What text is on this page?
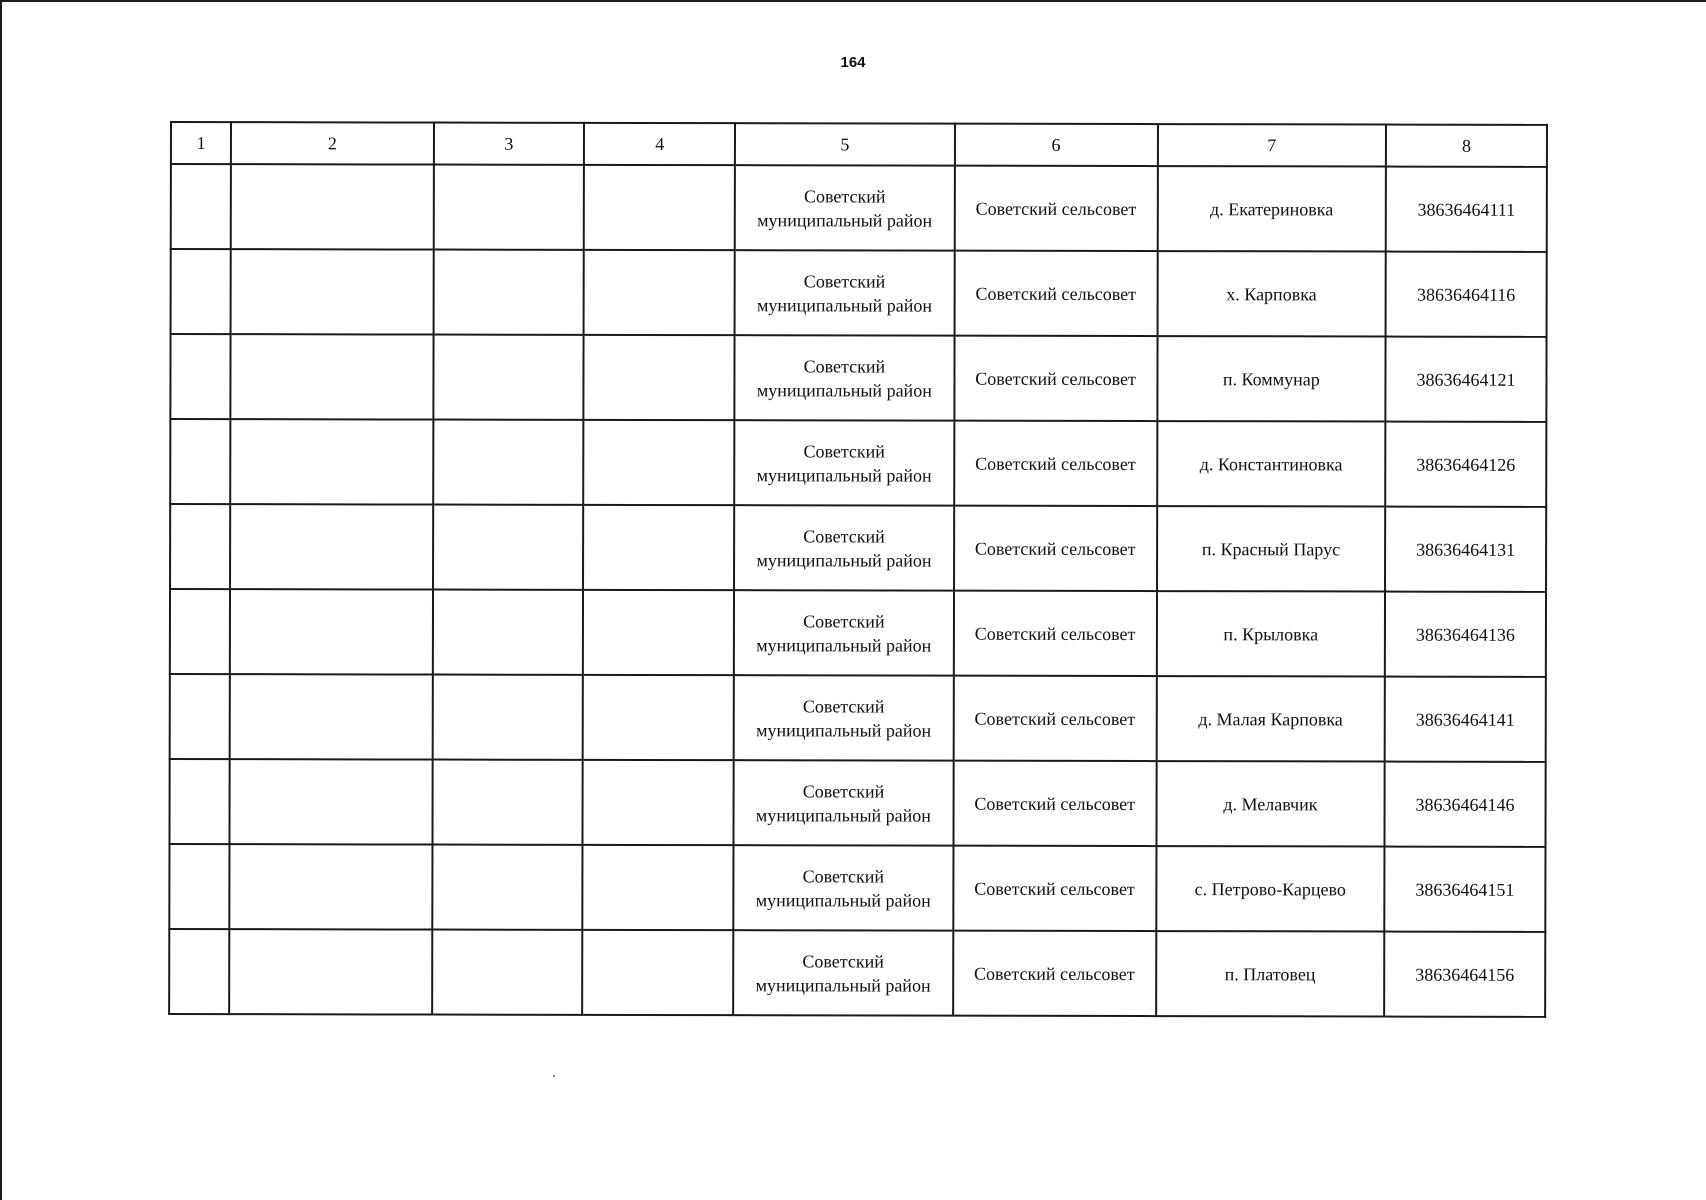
164
1	2	3	4	5	6	7	8

				Советский
муниципальный район	Советский сельсовет	д. Екатериновка	38636464111

				Советский
муниципальный район	Советский сельсовет	х. Карповка	38636464116

				Советский
муниципальный район	Советский сельсовет	п. Коммунар	38636464121

				Советский
муниципальный район	Советский сельсовет	д. Константиновка	38636464126

				Советский
муниципальный район	Советский сельсовет	п. Красный Парус	38636464131

				Советский
муниципальный район	Советский сельсовет	п. Крыловка	38636464136

				Советский
муниципальный район	Советский сельсовет	д. Малая Карповка	38636464141

				Советский
муниципальный район	Советский сельсовет	д. Мелавчик	38636464146

				Советский
муниципальный район	Советский сельсовет	с. Петрово-Карцево	38636464151

				Советский
муниципальный район	Советский сельсовет	п. Платовец	38636464156
